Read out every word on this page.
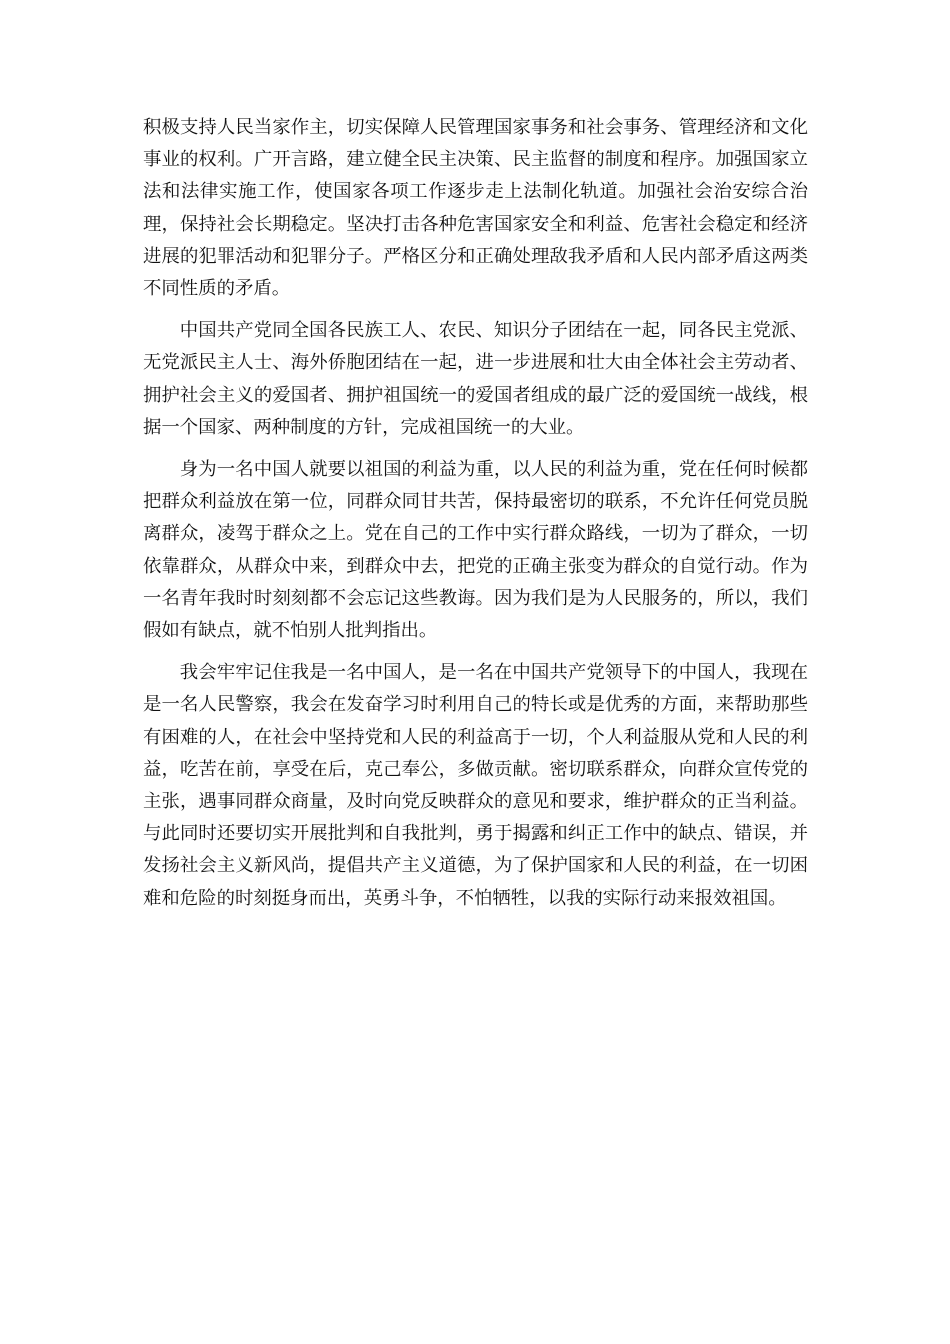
积极支持人民当家作主，切实保障人民管理国家事务和社会事务、管理经济和文化事业的权利。广开言路，建立健全民主决策、民主监督的制度和程序。加强国家立法和法律实施工作，使国家各项工作逐步走上法制化轨道。加强社会治安综合治理，保持社会长期稳定。坚决打击各种危害国家安全和利益、危害社会稳定和经济进展的犯罪活动和犯罪分子。严格区分和正确处理敌我矛盾和人民内部矛盾这两类不同性质的矛盾。

中国共产党同全国各民族工人、农民、知识分子团结在一起，同各民主党派、无党派民主人士、海外侨胞团结在一起，进一步进展和壮大由全体社会主劳动者、拥护社会主义的爱国者、拥护祖国统一的爱国者组成的最广泛的爱国统一战线，根据一个国家、两种制度的方针，完成祖国统一的大业。

身为一名中国人就要以祖国的利益为重，以人民的利益为重，党在任何时候都把群众利益放在第一位，同群众同甘共苦，保持最密切的联系，不允许任何党员脱离群众，凌驾于群众之上。党在自己的工作中实行群众路线，一切为了群众，一切依靠群众，从群众中来，到群众中去，把党的正确主张变为群众的自觉行动。作为一名青年我时时刻刻都不会忘记这些教诲。因为我们是为人民服务的，所以，我们假如有缺点，就不怕别人批判指出。

我会牢牢记住我是一名中国人，是一名在中国共产党领导下的中国人，我现在是一名人民警察，我会在发奋学习时利用自己的特长或是优秀的方面，来帮助那些有困难的人，在社会中坚持党和人民的利益高于一切，个人利益服从党和人民的利益，吃苦在前，享受在后，克己奉公，多做贡献。密切联系群众，向群众宣传党的主张，遇事同群众商量，及时向党反映群众的意见和要求，维护群众的正当利益。与此同时还要切实开展批判和自我批判，勇于揭露和纠正工作中的缺点、错误，并发扬社会主义新风尚，提倡共产主义道德，为了保护国家和人民的利益，在一切困难和危险的时刻挺身而出，英勇斗争，不怕牺牲，以我的实际行动来报效祖国。
